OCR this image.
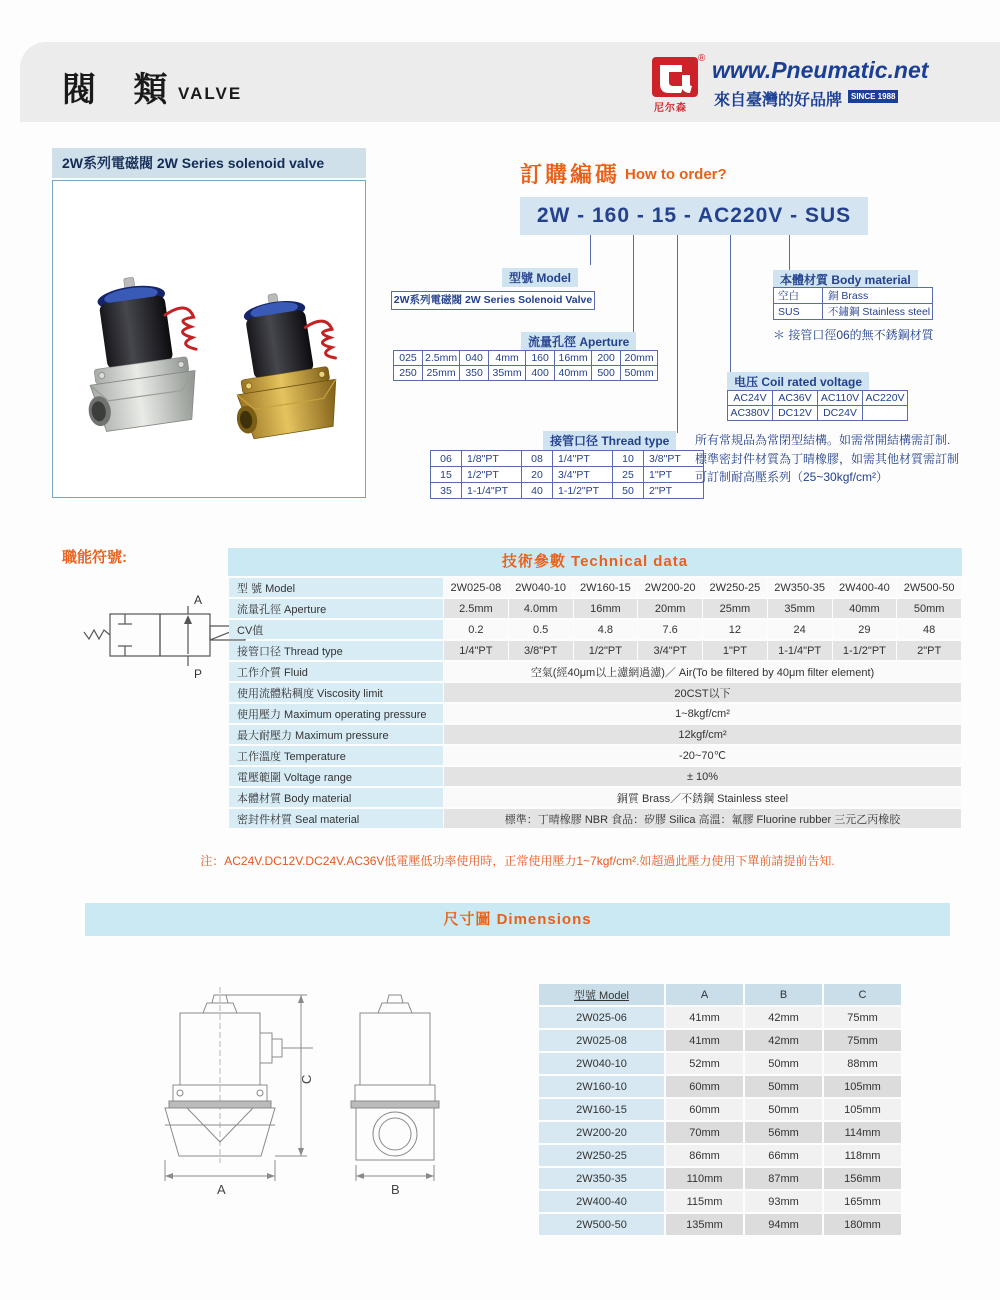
閥 類
VALVE
®
尼尔森
www.Pneumatic.net
來自臺灣的好品牌	SINCE 1988
2W系列電磁閥 2W Series solenoid valve	訂購編碼 How to order?
2W - 160 - 15 - AC220V - SUS
型號 Model
2W系列電磁閥 2W Series Solenoid Valve
流量孔徑 Aperture
025	2.5mm	040	4mm	160	16mm	200	20mm
250	25mm	350	35mm	400	40mm	500	50mm
接管口径 Thread type
06	1/8"PT	08	1/4"PT	10	3/8"PT
15	1/2"PT	20	3/4"PT	25	1"PT
35	1-1/4"PT	40	1-1/2"PT	50	2"PT
电压 Coil rated voltage
AC24V	AC36V	AC110V	AC220V
AC380V	DC12V	DC24V	
本體材質 Body material
空白	銅 Brass
SUS	不鏽鋼 Stainless steel
＊ 接管口徑06的無不銹鋼材質
所有常規品為常閉型結構。如需常開結構需訂制.
標準密封件材質為丁晴橡膠，如需其他材質需訂制
可訂制耐高壓系列（25~30kgf/cm²）
職能符號:
A
P
技術參數 Technical data
型 號 Model	2W025-08	2W040-10	2W160-15	2W200-20	2W250-25	2W350-35	2W400-40	2W500-50
流量孔徑 Aperture	2.5mm	4.0mm	16mm	20mm	25mm	35mm	40mm	50mm
CV值	0.2	0.5	4.8	7.6	12	24	29	48
接管口径 Thread type	1/4"PT	3/8"PT	1/2"PT	3/4"PT	1"PT	1-1/4"PT	1-1/2"PT	2"PT
工作介質 Fluid	空氣(經40μm以上濾網過濾)／ Air(To be filtered by 40μm filter element)							
使用流體粘稠度 Viscosity limit	20CST以下							
使用壓力 Maximum operating pressure	1~8kgf/cm²							
最大耐壓力 Maximum pressure	12kgf/cm²							
工作溫度 Temperature	-20~70℃							
電壓範圍 Voltage range	± 10%							
本體材質 Body material	銅質 Brass／不銹鋼 Stainless steel							
密封件材質 Seal material	標準：丁晴橡膠 NBR 食品：矽膠 Silica 高溫：氟膠 Fluorine rubber 三元乙丙橡胶							
注：AC24V.DC12V.DC24V.AC36V低電壓低功率使用時，正常使用壓力1~7kgf/cm².如超過此壓力使用下單前請提前告知.
尺寸圖 Dimensions
A
C
B
型號 Model	A	B	C
2W025-06	41mm	42mm	75mm
2W025-08	41mm	42mm	75mm
2W040-10	52mm	50mm	88mm
2W160-10	60mm	50mm	105mm
2W160-15	60mm	50mm	105mm
2W200-20	70mm	56mm	114mm
2W250-25	86mm	66mm	118mm
2W350-35	110mm	87mm	156mm
2W400-40	115mm	93mm	165mm
2W500-50	135mm	94mm	180mm
